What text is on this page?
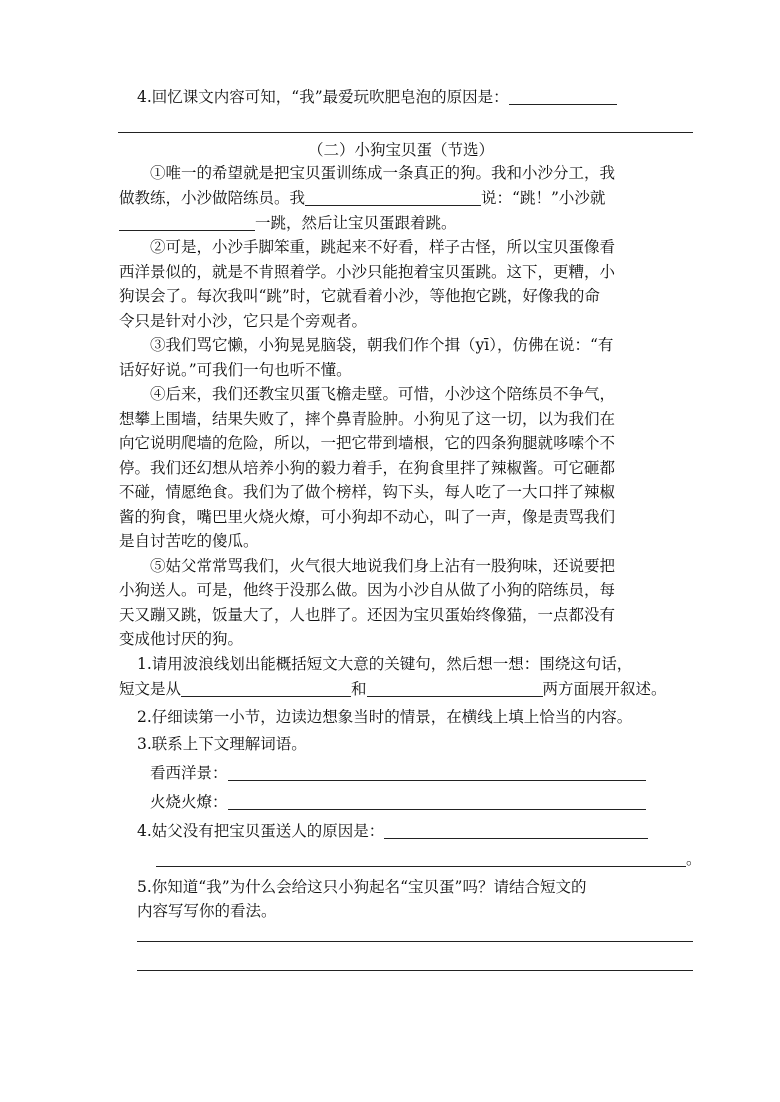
4.回忆课文内容可知，“我”最爱玩吹肥皂泡的原因是：
（二）小狗宝贝蛋（节选）
①唯一的希望就是把宝贝蛋训练成一条真正的狗。我和小沙分工，我
做教练，小沙做陪练员。我	说：“跳！”小沙就
一跳，然后让宝贝蛋跟着跳。
②可是，小沙手脚笨重，跳起来不好看，样子古怪，所以宝贝蛋像看
西洋景似的，就是不肯照着学。小沙只能抱着宝贝蛋跳。这下，更糟，小
狗误会了。每次我叫“跳”时，它就看着小沙，等他抱它跳，好像我的命
令只是针对小沙，它只是个旁观者。
③我们骂它懒，小狗晃晃脑袋，朝我们作个揖（yī），仿佛在说：“有
话好好说。”可我们一句也听不懂。
④后来，我们还教宝贝蛋飞檐走壁。可惜，小沙这个陪练员不争气，
想攀上围墙，结果失败了，摔个鼻青脸肿。小狗见了这一切，以为我们在
向它说明爬墙的危险，所以，一把它带到墙根，它的四条狗腿就哆嗦个不
停。我们还幻想从培养小狗的毅力着手，在狗食里拌了辣椒酱。可它砸都
不碰，情愿绝食。我们为了做个榜样，钩下头，每人吃了一大口拌了辣椒
酱的狗食，嘴巴里火烧火燎，可小狗却不动心，叫了一声，像是责骂我们
是自讨苦吃的傻瓜。
⑤姑父常常骂我们，火气很大地说我们身上沾有一股狗味，还说要把
小狗送人。可是，他终于没那么做。因为小沙自从做了小狗的陪练员，每
天又蹦又跳，饭量大了，人也胖了。还因为宝贝蛋始终像猫，一点都没有
变成他讨厌的狗。
1.请用波浪线划出能概括短文大意的关键句，然后想一想：围绕这句话，
短文是从	和	两方面展开叙述。
2.仔细读第一小节，边读边想象当时的情景，在横线上填上恰当的内容。
3.联系上下文理解词语。
看西洋景：
火烧火燎：
4.姑父没有把宝贝蛋送人的原因是：
。
5.你知道“我”为什么会给这只小狗起名“宝贝蛋”吗？请结合短文的
内容写写你的看法。
